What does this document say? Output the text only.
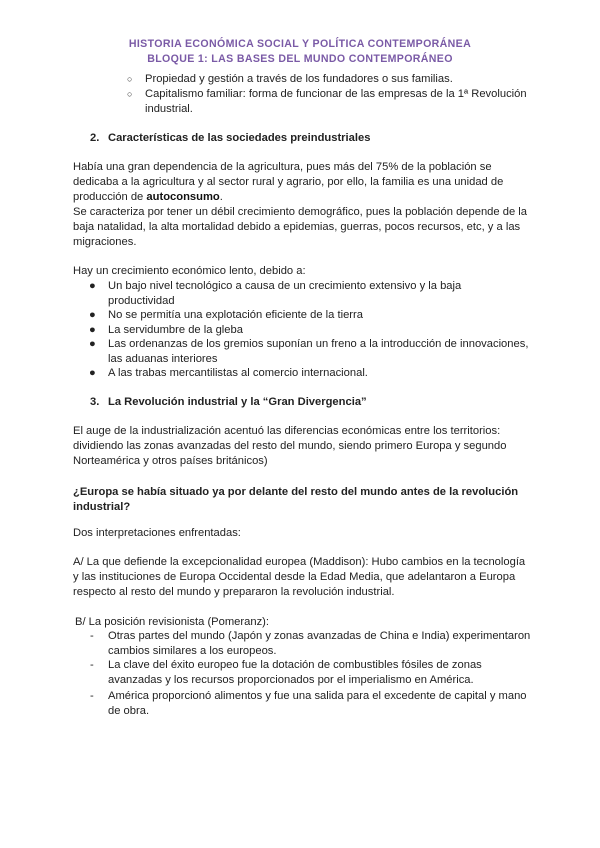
HISTORIA ECONÓMICA SOCIAL Y POLÍTICA CONTEMPORÁNEA
BLOQUE 1: LAS BASES DEL MUNDO CONTEMPORÁNEO
○ Propiedad y gestión a través de los fundadores o sus familias.
○ Capitalismo familiar: forma de funcionar de las empresas de la 1ª Revolución industrial.
2. Características de las sociedades preindustriales
Había una gran dependencia de la agricultura, pues más del 75% de la población se dedicaba a la agricultura y al sector rural y agrario, por ello, la familia es una unidad de producción de autoconsumo.
Se caracteriza por tener un débil crecimiento demográfico, pues la población depende de la baja natalidad, la alta mortalidad debido a epidemias, guerras, pocos recursos, etc, y a las migraciones.
Hay un crecimiento económico lento, debido a:
● Un bajo nivel tecnológico a causa de un crecimiento extensivo y la baja productividad
● No se permitía una explotación eficiente de la tierra
● La servidumbre de la gleba
● Las ordenanzas de los gremios suponían un freno a la introducción de innovaciones, las aduanas interiores
● A las trabas mercantilistas al comercio internacional.
3. La Revolución industrial y la “Gran Divergencia”
El auge de la industrialización acentuó las diferencias económicas entre los territorios: dividiendo las zonas avanzadas del resto del mundo, siendo primero Europa y segundo Norteamérica y otros países británicos)
¿Europa se había situado ya por delante del resto del mundo antes de la revolución industrial?
Dos interpretaciones enfrentadas:
A/ La que defiende la excepcionalidad europea (Maddison): Hubo cambios en la tecnología y las instituciones de Europa Occidental desde la Edad Media, que adelantaron a Europa respecto al resto del mundo y prepararon la revolución industrial.
B/ La posición revisionista (Pomeranz):
- Otras partes del mundo (Japón y zonas avanzadas de China e India) experimentaron cambios similares a los europeos.
- La clave del éxito europeo fue la dotación de combustibles fósiles de zonas avanzadas y los recursos proporcionados por el imperialismo en América.
- América proporcionó alimentos y fue una salida para el excedente de capital y mano de obra.
